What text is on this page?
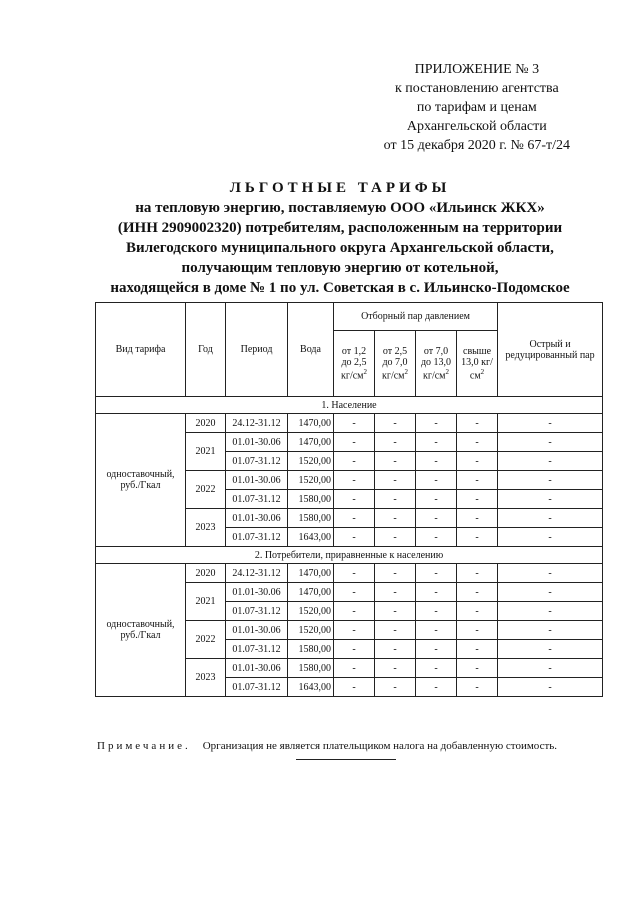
ПРИЛОЖЕНИЕ № 3
к постановлению агентства
по тарифам и ценам
Архангельской области
от 15 декабря 2020 г. № 67-т/24
ЛЬГОТНЫЕ ТАРИФЫ
на тепловую энергию, поставляемую ООО «Ильинск ЖКХ»
(ИНН 2909002320) потребителям, расположенным на территории
Вилегодского муниципального округа Архангельской области,
получающим тепловую энергию от котельной,
находящейся в доме № 1 по ул. Советская в с. Ильинско-Подомское
Вид тарифа	Год	Период	Вода	Отборный пар давлением				Острый и редуцированный пар
				от 1,2 до 2,5 $кг/см^2$	от 2,5 до 7,0 $кг/см^2$	от 7,0 до 13,0 $кг/см^2$	свыше 13,0 $кг/см^2$
1. Население								
одноставочный, руб./Гкал	2020	24.12-31.12	1470,00	-	-	-	-	-
	2021	01.01-30.06	1470,00	-	-	-	-	-
		01.07-31.12	1520,00	-	-	-	-	-
	2022	01.01-30.06	1520,00	-	-	-	-	-
		01.07-31.12	1580,00	-	-	-	-	-
	2023	01.01-30.06	1580,00	-	-	-	-	-
		01.07-31.12	1643,00	-	-	-	-	-
2. Потребители, приравненные к населению								
одноставочный, руб./Гкал	2020	24.12-31.12	1470,00	-	-	-	-	-
	2021	01.01-30.06	1470,00	-	-	-	-	-
		01.07-31.12	1520,00	-	-	-	-	-
	2022	01.01-30.06	1520,00	-	-	-	-	-
		01.07-31.12	1580,00	-	-	-	-	-
	2023	01.01-30.06	1580,00	-	-	-	-	-
		01.07-31.12	1643,00	-	-	-	-	-
Примечание. Организация не является плательщиком налога на добавленную стоимость.
